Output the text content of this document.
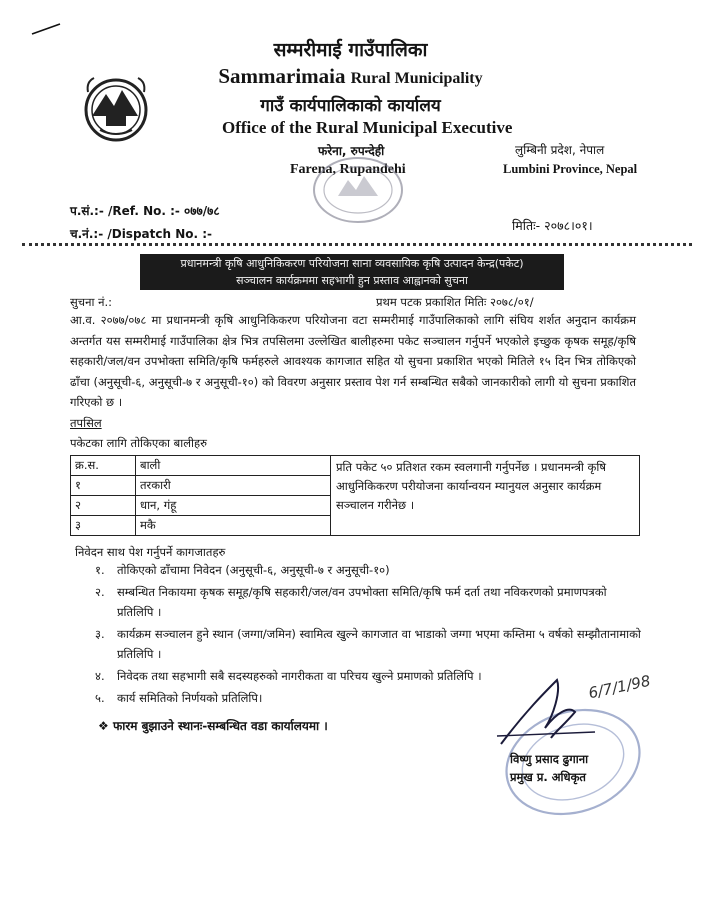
सम्मरीमाई गाउँपालिका
Sammarimaia Rural Municipality
गाउँ कार्यपालिकाको कार्यालय
Office of the Rural Municipal Executive
फरेना, रुपन्देही
Farena, Rupandehi
लुम्बिनी प्रदेश, नेपाल
Lumbini Province, Nepal
प.सं.:- /Ref. No. :- ०७७/७८
च.नं.:- /Dispatch No. :-
मितिः- २०७८।०१।
प्रधानमन्त्री कृषि आधुनिकिकरण परियोजना साना व्यवसायिक कृषि उत्पादन केन्द्र(पकेट)
सञ्चालन कार्यक्रममा सहभागी हुन प्रस्ताव आह्वानको सुचना
सुचना नं.:	प्रथम पटक प्रकाशित मितिः २०७८/०१/
आ.व. २०७७/०७८ मा प्रधानमन्त्री कृषि आधुनिकिकरण परियोजना वटा सम्मरीमाई गाउँपालिकाको लागि संघिय शर्शत अनुदान कार्यक्रम अन्तर्गत यस सम्मरीमाई गाउँपालिका क्षेत्र भित्र तपसिलमा उल्लेखित बालीहरुमा पकेट सञ्चालन गर्नुपर्ने भएकोले इच्छुक कृषक समूह/कृषि सहकारी/जल/वन उपभोक्ता समिति/कृषि फर्महरुले आवश्यक कागजात सहित यो सुचना प्रकाशित भएको मितिले १५ दिन भित्र तोकिएको ढाँचा (अनुसूची-६, अनुसूची-७ र अनुसूची-१०) को विवरण अनुसार प्रस्ताव पेश गर्न सम्बन्धित सबैको जानकारीको लागी यो सुचना प्रकाशित गरिएको छ ।
तपसिल
पकेटका लागि तोकिएका बालीहरु
क्र.स.	बाली	प्रति पकेट ५० प्रतिशत रकम स्वलगानी गर्नुपर्नेछ । प्रधानमन्त्री कृषि आधुनिकिकरण परीयोजना कार्यान्वयन म्यानुयल अनुसार कार्यक्रम सञ्चालन गरीनेछ ।
१	तरकारी	
२	धान, गंहू	
३	मकै	
निवेदन साथ पेश गर्नुपर्ने कागजातहरु
१.	तोकिएको ढाँचामा निवेदन (अनुसूची-६, अनुसूची-७ र अनुसूची-१०)
२.	सम्बन्धित निकायमा कृषक समूह/कृषि सहकारी/जल/वन उपभोक्ता समिति/कृषि फर्म दर्ता तथा नविकरणको प्रमाणपत्रको प्रतिलिपि ।
३.	कार्यक्रम सञ्चालन हुने स्थान (जग्गा/जमिन) स्वामित्व खुल्ने कागजात वा भाडाको जग्गा भएमा कम्तिमा ५ वर्षको सम्झौतानामाको प्रतिलिपि ।
४.	निवेदक तथा सहभागी सबै सदस्यहरुको नागरीकता वा परिचय खुल्ने प्रमाणको प्रतिलिपि ।
५.	कार्य समितिको निर्णयको प्रतिलिपि।
❖ फारम बुझाउने स्थानः-सम्बन्धित वडा कार्यालयमा ।
6/7/1/98
विष्णु प्रसाद ढुगाना
प्रमुख प्र. अधिकृत
